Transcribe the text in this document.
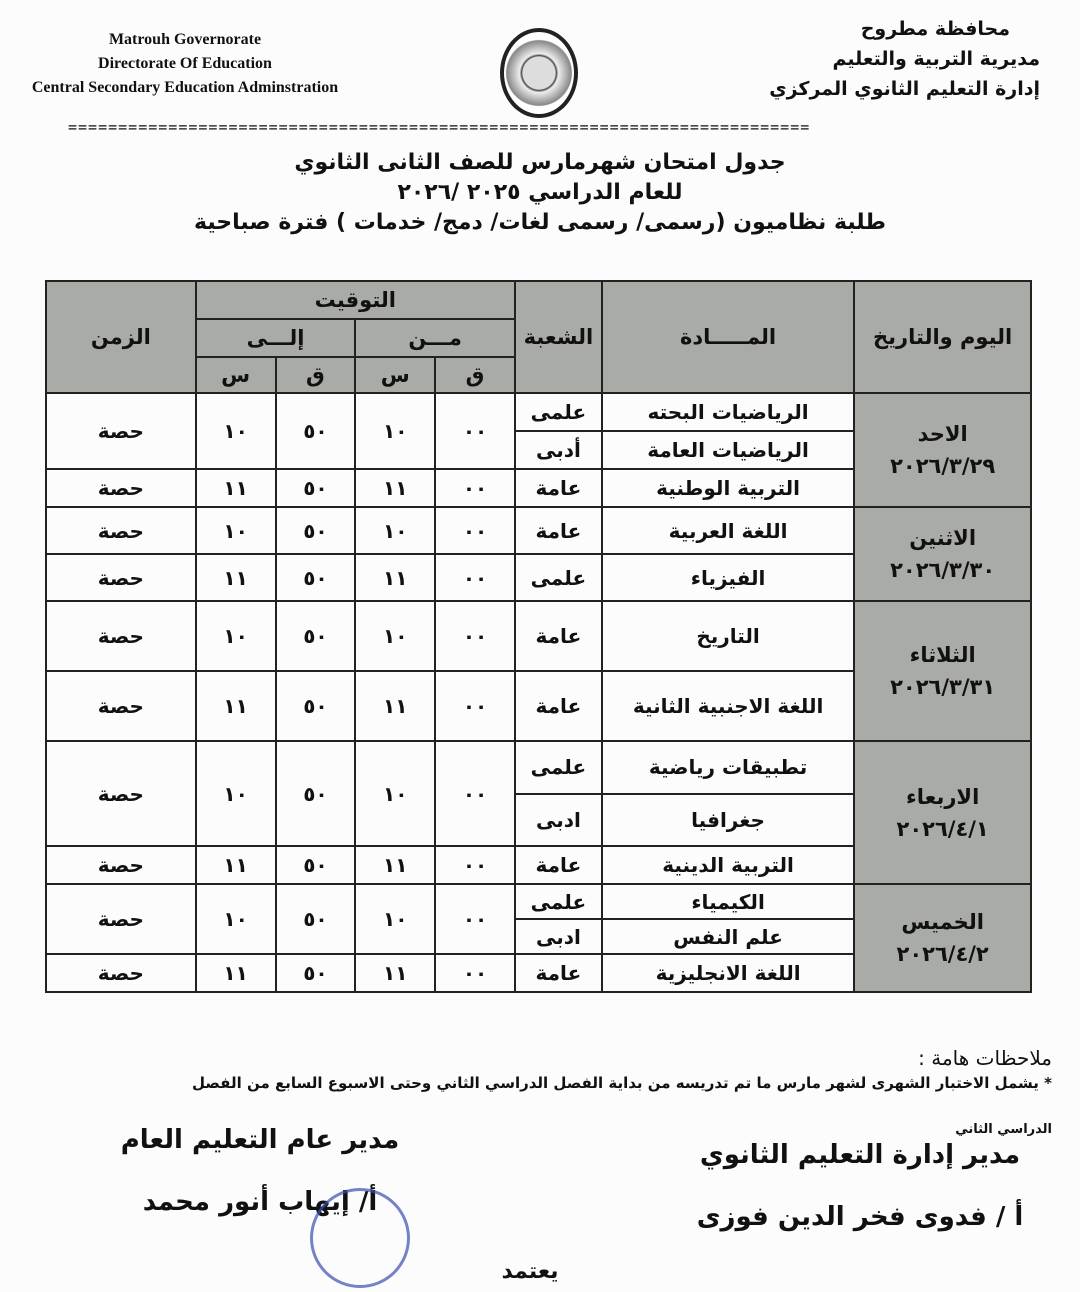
Matrouh Governorate
Directorate Of Education
Central Secondary Education Adminstration
محافظة مطروح
مديرية التربية والتعليم
إدارة التعليم الثانوي المركزي
==========================================================================
جدول امتحان شهرمارس للصف الثانى الثانوي
للعام الدراسي ٢٠٢٥ /٢٠٢٦
طلبة نظاميون (رسمى/ رسمى لغات/ دمج/ خدمات ) فترة صباحية
اليوم والتاريخ	المـــــادة	الشعبة	التوقيت				الزمن
			مـــن		إلـــى		
			ق	س	ق	س	

الاحد
٢٠٢٦/٣/٢٩	الرياضيات البحته	علمى	٠٠	١٠	٥٠	١٠	حصة
	الرياضيات العامة	أدبى					
	التربية الوطنية	عامة	٠٠	١١	٥٠	١١	حصة

الاثنين
٢٠٢٦/٣/٣٠	اللغة العربية	عامة	٠٠	١٠	٥٠	١٠	حصة
	الفيزياء	علمى	٠٠	١١	٥٠	١١	حصة

الثلاثاء
٢٠٢٦/٣/٣١	التاريخ	عامة	٠٠	١٠	٥٠	١٠	حصة
	اللغة الاجنبية الثانية	عامة	٠٠	١١	٥٠	١١	حصة

الاربعاء
٢٠٢٦/٤/١	تطبيقات رياضية	علمى	٠٠	١٠	٥٠	١٠	حصة
	جغرافيا	ادبى					
	التربية الدينية	عامة	٠٠	١١	٥٠	١١	حصة

الخميس
٢٠٢٦/٤/٢	الكيمياء	علمى	٠٠	١٠	٥٠	١٠	حصة
	علم النفس	ادبى					
	اللغة الانجليزية	عامة	٠٠	١١	٥٠	١١	حصة
ملاحظات هامة :
* يشمل الاختبار الشهرى لشهر مارس ما تم تدريسه من بداية الفصل الدراسي الثاني وحتى الاسبوع السابع من الفصل
الدراسي الثاني
مدير إدارة التعليم الثانوي
أ / فدوى فخر الدين فوزى
مدير عام التعليم العام
أ/ إيهاب أنور محمد
يعتمد
